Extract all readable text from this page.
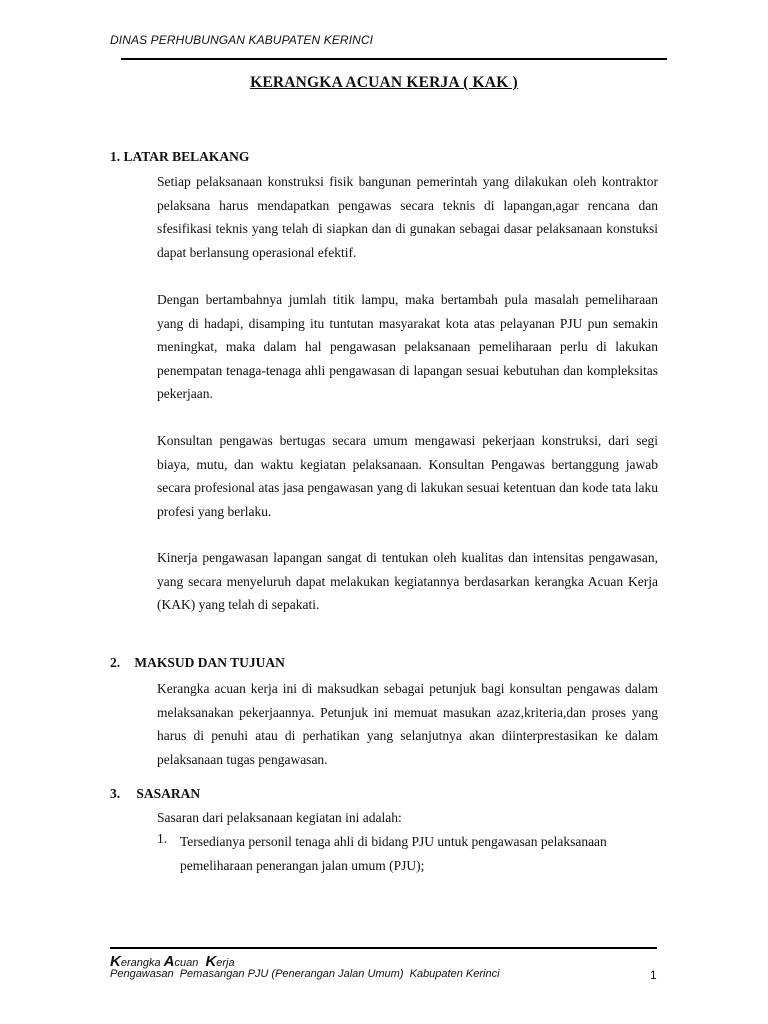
DINAS PERHUBUNGAN KABUPATEN KERINCI
KERANGKA ACUAN KERJA ( KAK )
1. LATAR BELAKANG

Setiap pelaksanaan konstruksi fisik bangunan pemerintah yang dilakukan oleh kontraktor pelaksana harus mendapatkan pengawas secara teknis di lapangan,agar rencana dan sfesifikasi teknis yang telah di siapkan dan di gunakan sebagai dasar pelaksanaan konstuksi dapat berlansung operasional efektif.

Dengan bertambahnya jumlah titik lampu, maka bertambah pula masalah pemeliharaan yang di hadapi, disamping itu tuntutan masyarakat kota atas pelayanan PJU pun semakin meningkat, maka dalam hal pengawasan pelaksanaan pemeliharaan perlu di lakukan penempatan tenaga-tenaga ahli pengawasan di lapangan sesuai kebutuhan dan kompleksitas pekerjaan.

Konsultan pengawas bertugas secara umum mengawasi pekerjaan konstruksi, dari segi biaya, mutu, dan waktu kegiatan pelaksanaan. Konsultan Pengawas bertanggung jawab secara profesional atas jasa pengawasan yang di lakukan sesuai ketentuan dan kode tata laku profesi yang berlaku.

Kinerja pengawasan lapangan sangat di tentukan oleh kualitas dan intensitas pengawasan, yang secara menyeluruh dapat melakukan kegiatannya berdasarkan kerangka Acuan Kerja (KAK) yang telah di sepakati.

2. MAKSUD DAN TUJUAN

Kerangka acuan kerja ini di maksudkan sebagai petunjuk bagi konsultan pengawas dalam melaksanakan pekerjaannya. Petunjuk ini memuat masukan azaz,kriteria,dan proses yang harus di penuhi atau di perhatikan yang selanjutnya akan diinterprestasikan ke dalam pelaksanaan tugas pengawasan.

3. SASARAN

Sasaran dari pelaksanaan kegiatan ini adalah:

1. Tersedianya personil tenaga ahli di bidang PJU untuk pengawasan pelaksanaan pemeliharaan penerangan jalan umum (PJU);

Kerangka Acuan Kerja
Pengawasan  Pemasangan PJU (Penerangan Jalan Umum)  Kabupaten Kerinci	1
